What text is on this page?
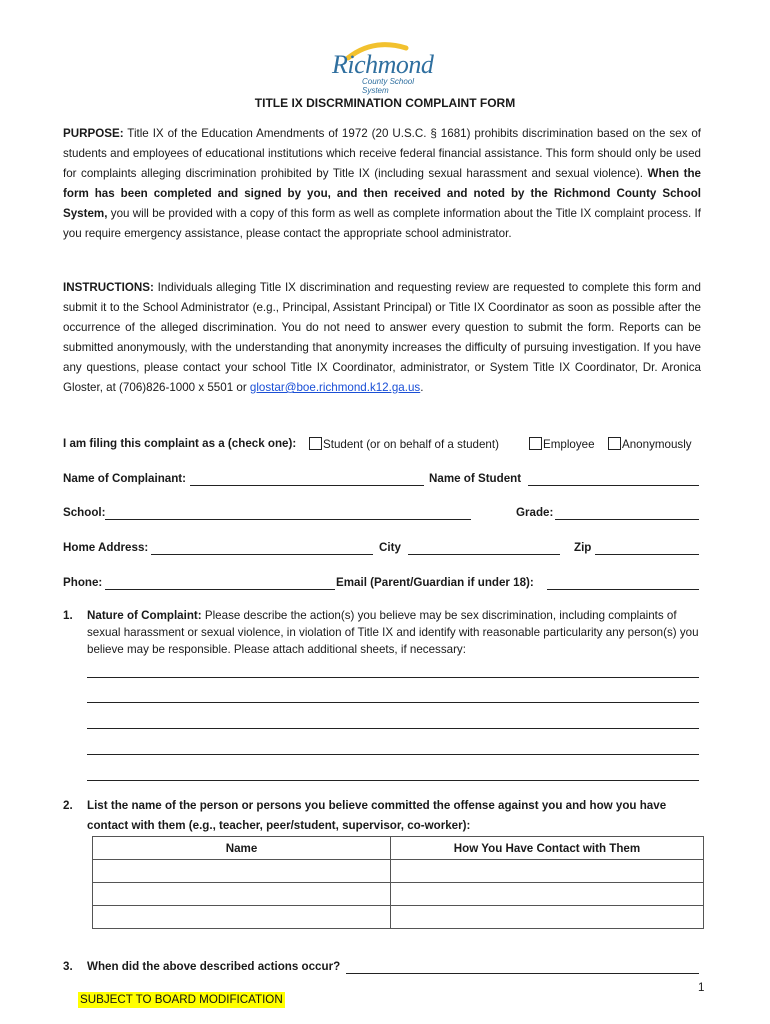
Richmond
County School System
TITLE IX DISCRMINATION COMPLAINT FORM
PURPOSE: Title IX of the Education Amendments of 1972 (20 U.S.C. § 1681) prohibits discrimination based on the sex of students and employees of educational institutions which receive federal financial assistance. This form should only be used for complaints alleging discrimination prohibited by Title IX (including sexual harassment and sexual violence). When the form has been completed and signed by you, and then received and noted by the Richmond County School System, you will be provided with a copy of this form as well as complete information about the Title IX complaint process. If you require emergency assistance, please contact the appropriate school administrator.
INSTRUCTIONS: Individuals alleging Title IX discrimination and requesting review are requested to complete this form and submit it to the School Administrator (e.g., Principal, Assistant Principal) or Title IX Coordinator as soon as possible after the occurrence of the alleged discrimination. You do not need to answer every question to submit the form. Reports can be submitted anonymously, with the understanding that anonymity increases the difficulty of pursuing investigation. If you have any questions, please contact your school Title IX Coordinator, administrator, or System Title IX Coordinator, Dr. Aronica Gloster, at (706)826-1000 x 5501 or glostar@boe.richmond.k12.ga.us.
I am filing this complaint as a (check one):	Student (or on behalf of a student)	Employee	Anonymously
Name of Complainant:	Name of Student
School:	Grade:
Home Address:	City	Zip
Phone:	Email (Parent/Guardian if under 18):
1. Nature of Complaint: Please describe the action(s) you believe may be sex discrimination, including complaints of sexual harassment or sexual violence, in violation of Title IX and identify with reasonable particularity any person(s) you believe may be responsible. Please attach additional sheets, if necessary:
2. List the name of the person or persons you believe committed the offense against you and how you have contact with them (e.g., teacher, peer/student, supervisor, co-worker):
Name	How You Have Contact with Them

3. When did the above described actions occur?
1
SUBJECT TO BOARD MODIFICATION
